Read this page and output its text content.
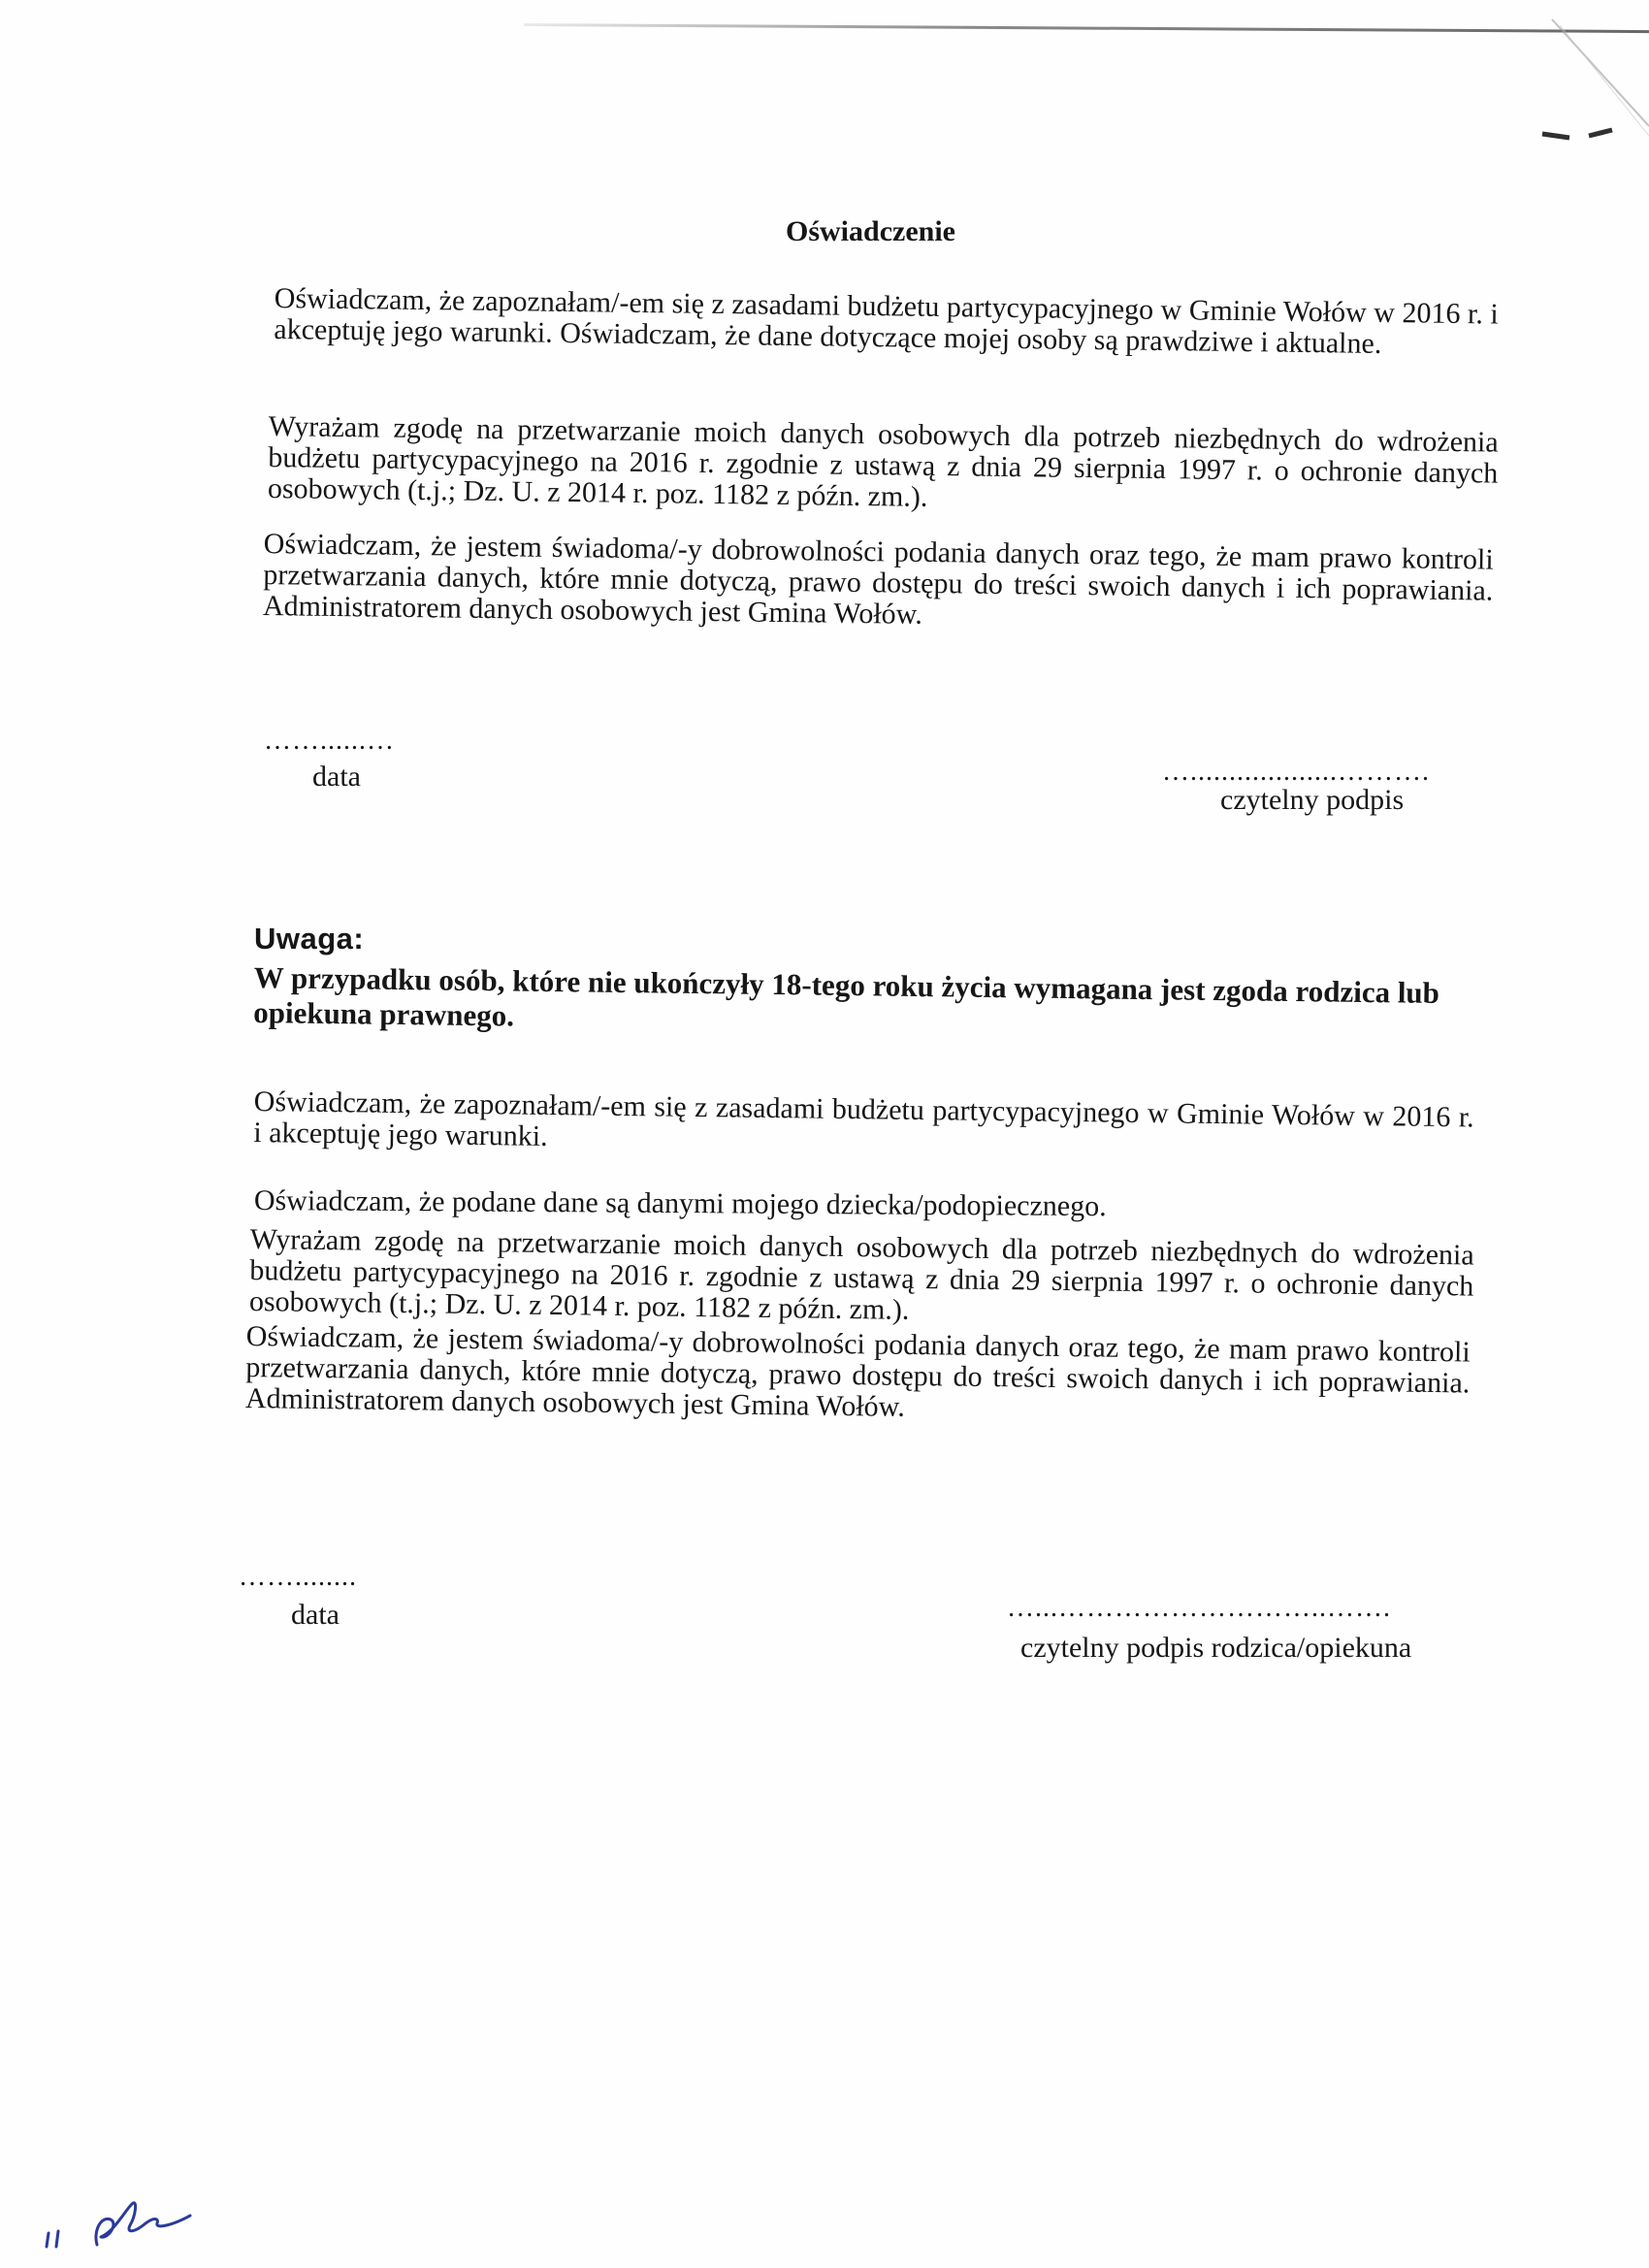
Oświadczenie
Oświadczam, że zapoznałam/-em się z zasadami budżetu partycypacyjnego w Gminie Wołów w 2016 r. i akceptuję jego warunki. Oświadczam, że dane dotyczące mojej osoby są prawdziwe i aktualne.
Wyrażam zgodę na przetwarzanie moich danych osobowych dla potrzeb niezbędnych do wdrożenia budżetu partycypacyjnego na 2016 r. zgodnie z ustawą z dnia 29 sierpnia 1997 r. o ochronie danych osobowych (t.j.; Dz. U. z 2014 r. poz. 1182 z późn. zm.).
Oświadczam, że jestem świadoma/-y dobrowolności podania danych oraz tego, że mam prawo kontroli przetwarzania danych, które mnie dotyczą, prawo dostępu do treści swoich danych i ich poprawiania. Administratorem danych osobowych jest Gmina Wołów.
……......…
data	…...................……….
czytelny podpis
Uwaga:
W przypadku osób, które nie ukończyły 18-tego roku życia wymagana jest zgoda rodzica lub opiekuna prawnego.
Oświadczam, że zapoznałam/-em się z zasadami budżetu partycypacyjnego w Gminie Wołów w 2016 r. i akceptuję jego warunki.
Oświadczam, że podane dane są danymi mojego dziecka/podopiecznego.
Wyrażam zgodę na przetwarzanie moich danych osobowych dla potrzeb niezbędnych do wdrożenia budżetu partycypacyjnego na 2016 r. zgodnie z ustawą z dnia 29 sierpnia 1997 r. o ochronie danych osobowych (t.j.; Dz. U. z 2014 r. poz. 1182 z późn. zm.).
Oświadczam, że jestem świadoma/-y dobrowolności podania danych oraz tego, że mam prawo kontroli przetwarzania danych, które mnie dotyczą, prawo dostępu do treści swoich danych i ich poprawiania. Administratorem danych osobowych jest Gmina Wołów.
……........
data	…...………………………..…….
czytelny podpis rodzica/opiekuna
